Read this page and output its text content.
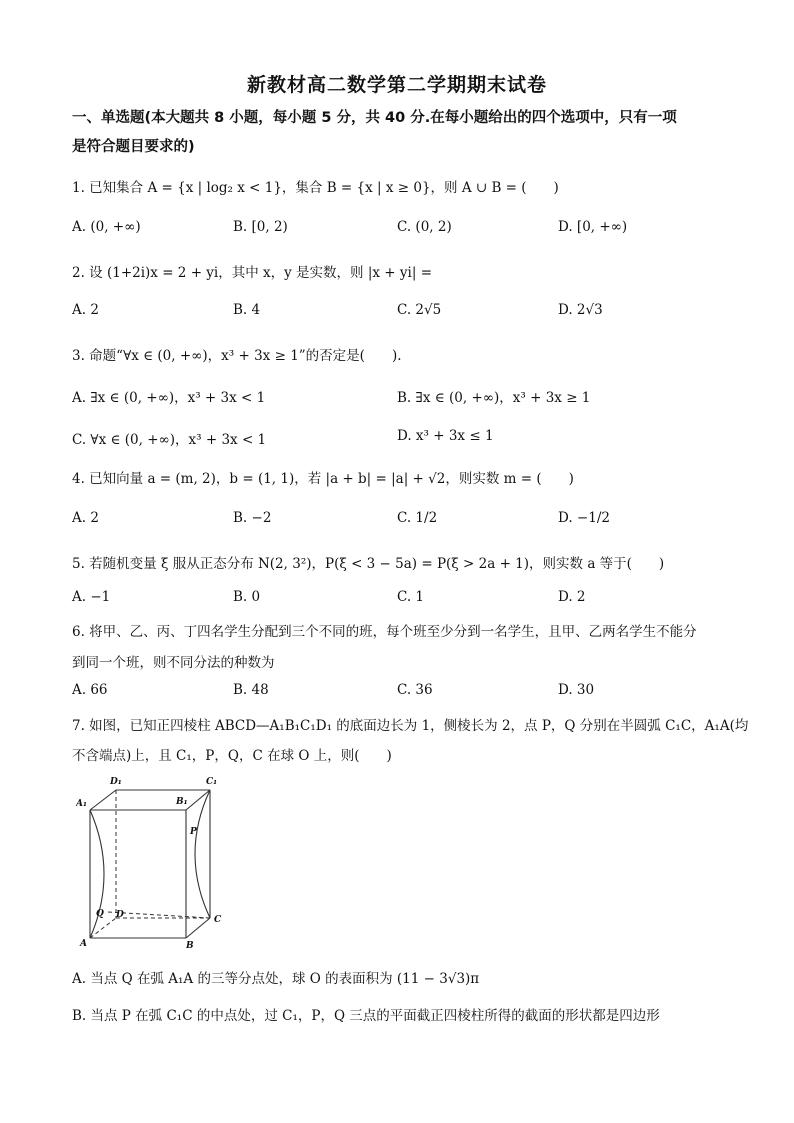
新教材高二数学第二学期期末试卷
一、单选题(本大题共 8 小题，每小题 5 分，共 40 分.在每小题给出的四个选项中，只有一项
是符合题目要求的)
1. 已知集合 A = {x | log₂ x < 1}，集合 B = {x | x ≥ 0}，则 A ∪ B = (　　)
A. (0, +∞)	B. [0, 2)	C. (0, 2)	D. [0, +∞)
2. 设 (1+2i)x = 2 + yi，其中 x，y 是实数，则 |x + yi| =
A. 2	B. 4	C. 2√5	D. 2√3
3. 命题“∀x ∈ (0, +∞)，x³ + 3x ≥ 1”的否定是(　　).
A. ∃x ∈ (0, +∞)，x³ + 3x < 1	B. ∃x ∈ (0, +∞)，x³ + 3x ≥ 1
C. ∀x ∈ (0, +∞)，x³ + 3x < 1	D. x³ + 3x ≤ 1
4. 已知向量 a = (m, 2)，b = (1, 1)，若 |a + b| = |a| + √2，则实数 m = (　　)
A. 2	B. −2	C. 1/2	D. −1/2
5. 若随机变量 ξ 服从正态分布 N(2, 3²)，P(ξ < 3 − 5a) = P(ξ > 2a + 1)，则实数 a 等于(　　)
A. −1	B. 0	C. 1	D. 2
6. 将甲、乙、丙、丁四名学生分配到三个不同的班，每个班至少分到一名学生，且甲、乙两名学生不能分
到同一个班，则不同分法的种数为
A. 66	B. 48	C. 36	D. 30
7. 如图，已知正四棱柱 ABCD—A₁B₁C₁D₁ 的底面边长为 1，侧棱长为 2，点 P，Q 分别在半圆弧 C₁C，A₁A(均
不含端点)上，且 C₁，P，Q，C 在球 O 上，则(　　)
D₁	C₁
A₁	B₁
P
Q D	C
A	B
A. 当点 Q 在弧 A₁A 的三等分点处，球 O 的表面积为 (11 − 3√3)π
B. 当点 P 在弧 C₁C 的中点处，过 C₁，P，Q 三点的平面截正四棱柱所得的截面的形状都是四边形
